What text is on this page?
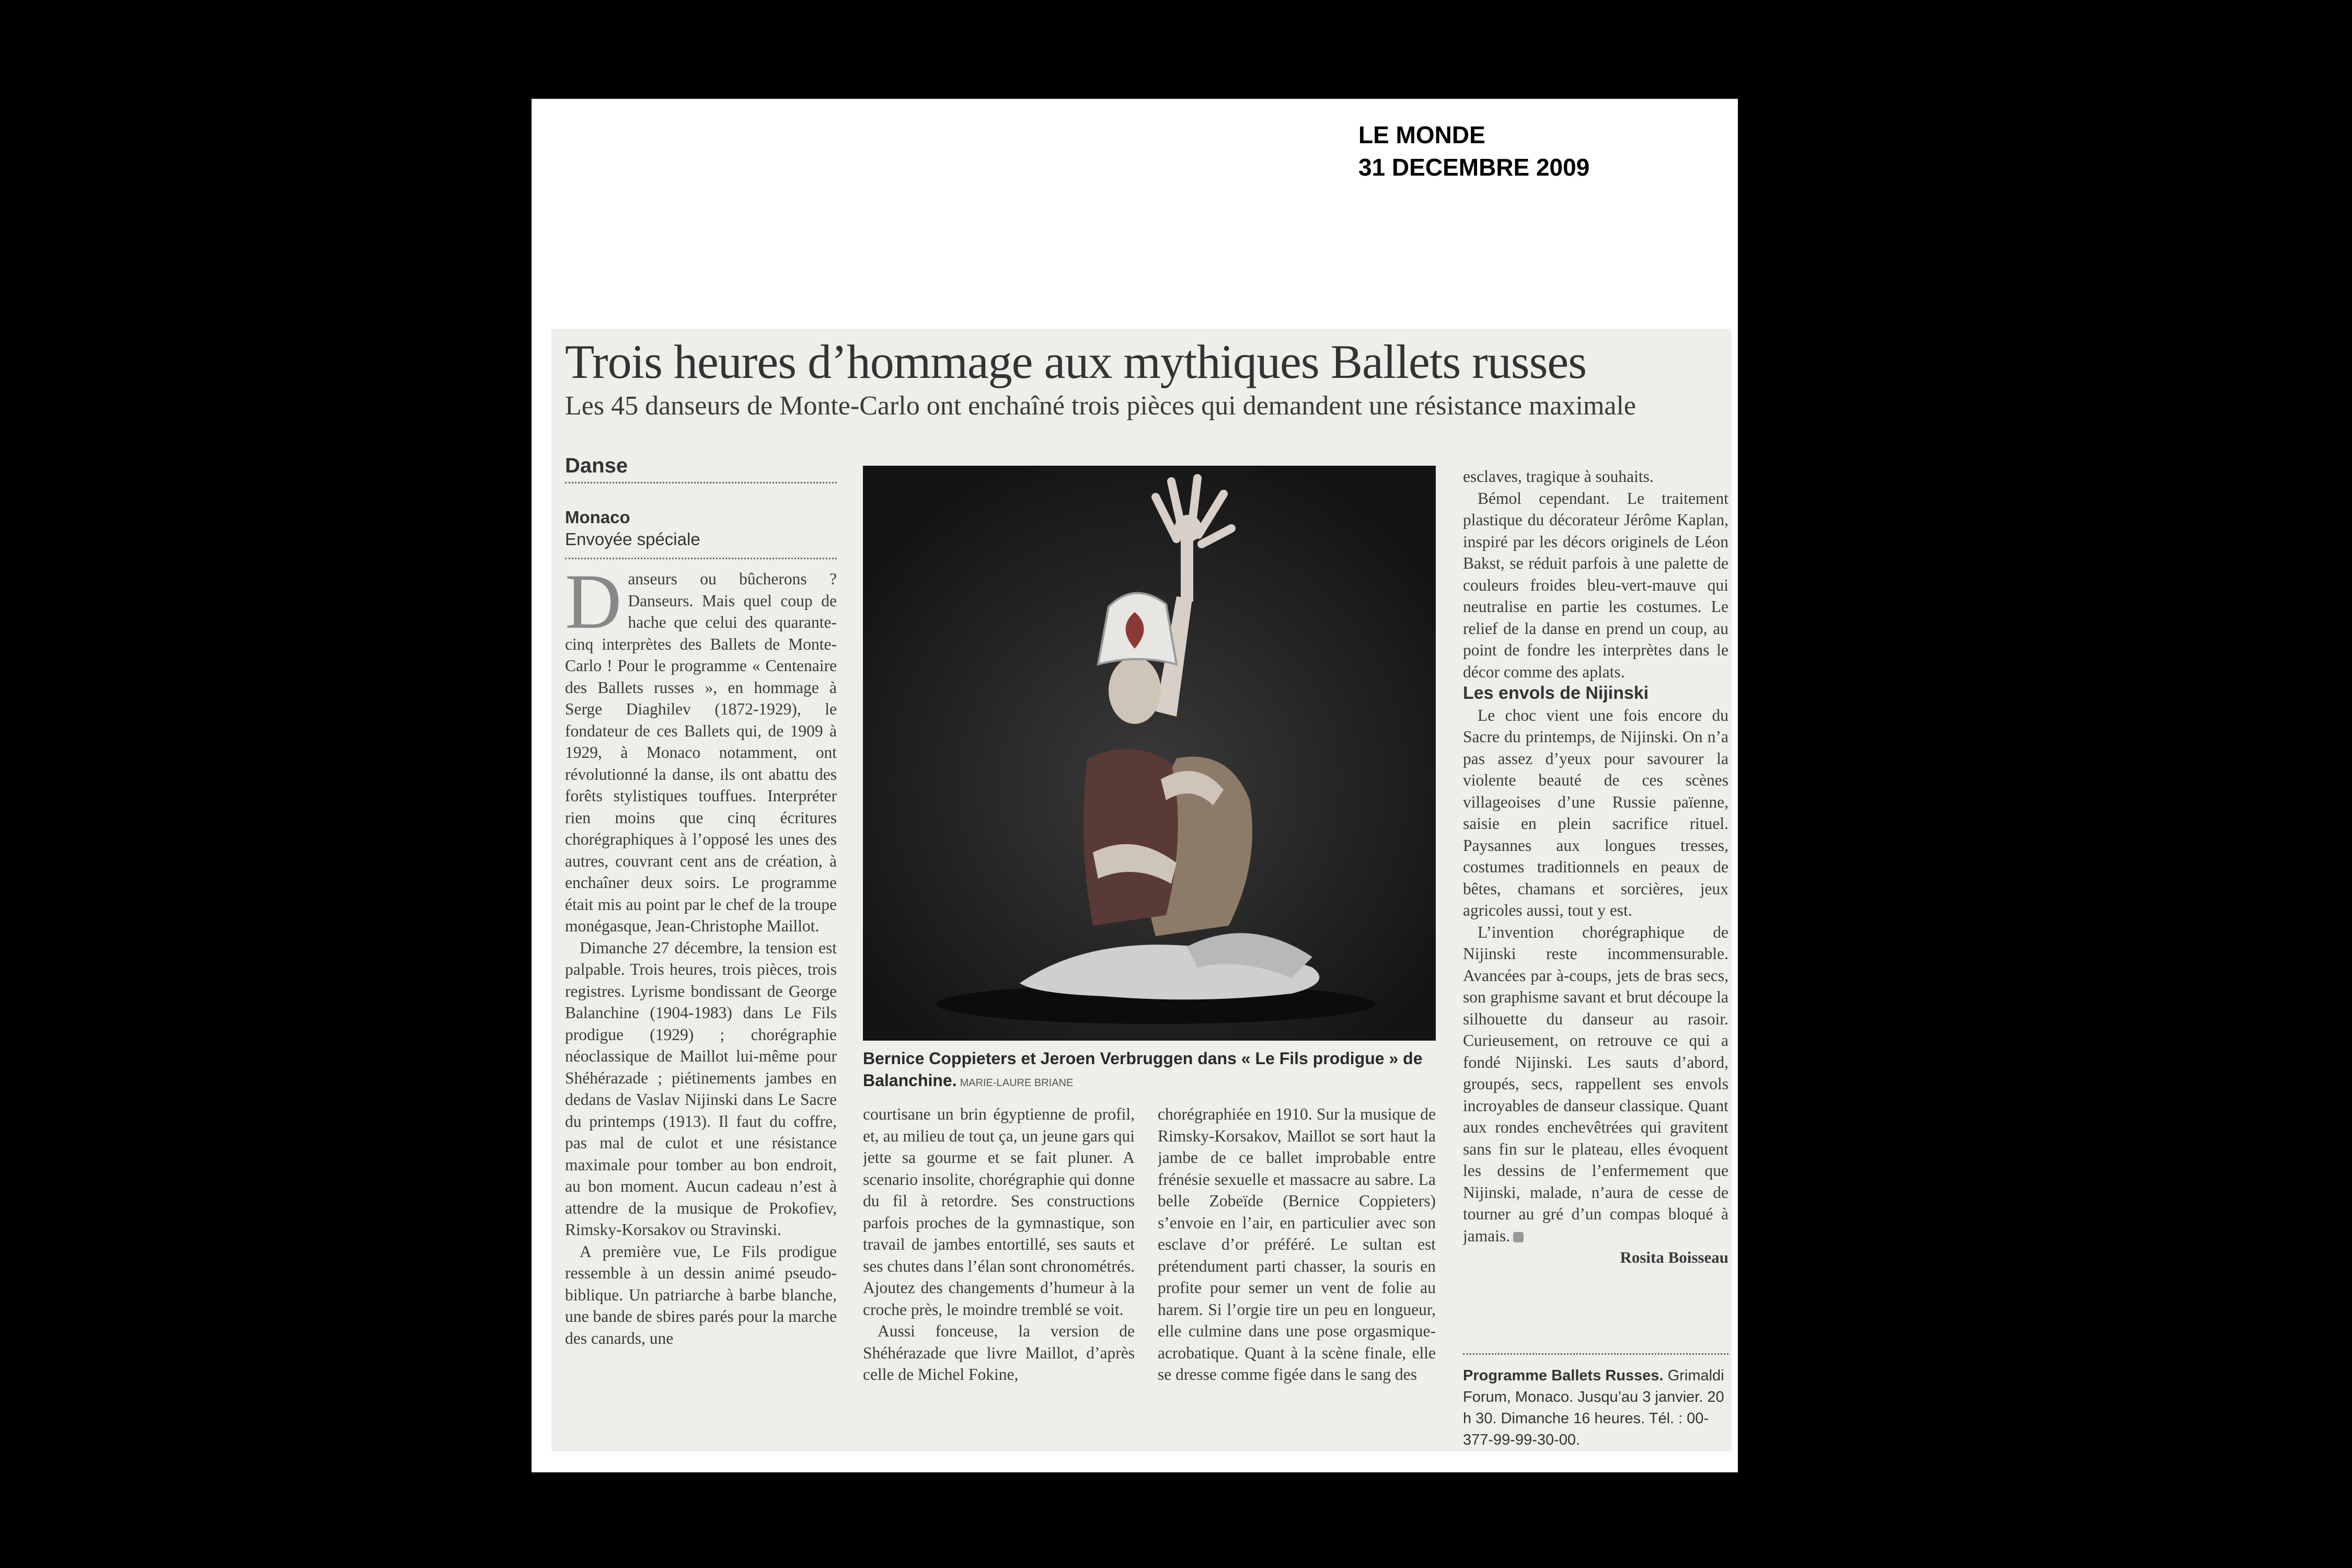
LE MONDE
31 DECEMBRE 2009
Trois heures d’hommage aux mythiques Ballets russes
Les 45 danseurs de Monte-Carlo ont enchaîné trois pièces qui demandent une résistance maximale
Danse
Monaco
Envoyée spéciale

Danseurs ou bûcherons ? Danseurs. Mais quel coup de hache que celui des quarante-cinq interprètes des Ballets de Monte-Carlo ! Pour le programme « Centenaire des Ballets russes », en hommage à Serge Diaghilev (1872-1929), le fondateur de ces Ballets qui, de 1909 à 1929, à Monaco notamment, ont révolutionné la danse, ils ont abattu des forêts stylistiques touffues. Interpréter rien moins que cinq écritures chorégraphiques à l’opposé les unes des autres, couvrant cent ans de création, à enchaîner deux soirs. Le programme était mis au point par le chef de la troupe monégasque, Jean-Christophe Maillot.

Dimanche 27 décembre, la tension est palpable. Trois heures, trois pièces, trois registres. Lyrisme bondissant de George Balanchine (1904-1983) dans Le Fils prodigue (1929) ; chorégraphie néoclassique de Maillot lui-même pour Shéhérazade ; piétinements jambes en dedans de Vaslav Nijinski dans Le Sacre du printemps (1913). Il faut du coffre, pas mal de culot et une résistance maximale pour tomber au bon endroit, au bon moment. Aucun cadeau n’est à attendre de la musique de Prokofiev, Rimsky-Korsakov ou Stravinski.

A première vue, Le Fils prodigue ressemble à un dessin animé pseudo-biblique. Un patriarche à barbe blanche, une bande de sbires parés pour la marche des canards, une

Bernice Coppieters et Jeroen Verbruggen dans « Le Fils prodigue » de Balanchine. MARIE-LAURE BRIANE

courtisane un brin égyptienne de profil, et, au milieu de tout ça, un jeune gars qui jette sa gourme et se fait pluner. A scenario insolite, chorégraphie qui donne du fil à retordre. Ses constructions parfois proches de la gymnastique, son travail de jambes entortillé, ses sauts et ses chutes dans l’élan sont chronométrés. Ajoutez des changements d’humeur à la croche près, le moindre tremblé se voit.

Aussi fonceuse, la version de Shéhérazade que livre Maillot, d’après celle de Michel Fokine,

chorégraphiée en 1910. Sur la musique de Rimsky-Korsakov, Maillot se sort haut la jambe de ce ballet improbable entre frénésie sexuelle et massacre au sabre. La belle Zobeïde (Bernice Coppieters) s’envoie en l’air, en particulier avec son esclave d’or préféré. Le sultan est prétendument parti chasser, la souris en profite pour semer un vent de folie au harem. Si l’orgie tire un peu en longueur, elle culmine dans une pose orgasmique-acrobatique. Quant à la scène finale, elle se dresse comme figée dans le sang des

esclaves, tragique à souhaits.

Bémol cependant. Le traitement plastique du décorateur Jérôme Kaplan, inspiré par les décors originels de Léon Bakst, se réduit parfois à une palette de couleurs froides bleu-vert-mauve qui neutralise en partie les costumes. Le relief de la danse en prend un coup, au point de fondre les interprètes dans le décor comme des aplats.

Les envols de Nijinski

Le choc vient une fois encore du Sacre du printemps, de Nijinski. On n’a pas assez d’yeux pour savourer la violente beauté de ces scènes villageoises d’une Russie païenne, saisie en plein sacrifice rituel. Paysannes aux longues tresses, costumes traditionnels en peaux de bêtes, chamans et sorcières, jeux agricoles aussi, tout y est.

L’invention chorégraphique de Nijinski reste incommensurable. Avancées par à-coups, jets de bras secs, son graphisme savant et brut découpe la silhouette du danseur au rasoir. Curieusement, on retrouve ce qui a fondé Nijinski. Les sauts d’abord, groupés, secs, rappellent ses envols incroyables de danseur classique. Quant aux rondes enchevêtrées qui gravitent sans fin sur le plateau, elles évoquent les dessins de l’enfermement que Nijinski, malade, n’aura de cesse de tourner au gré d’un compas bloqué à jamais.

Rosita Boisseau

Programme Ballets Russes. Grimaldi Forum, Monaco. Jusqu’au 3 janvier. 20 h 30. Dimanche 16 heures. Tél. : 00-377-99-99-30-00.
